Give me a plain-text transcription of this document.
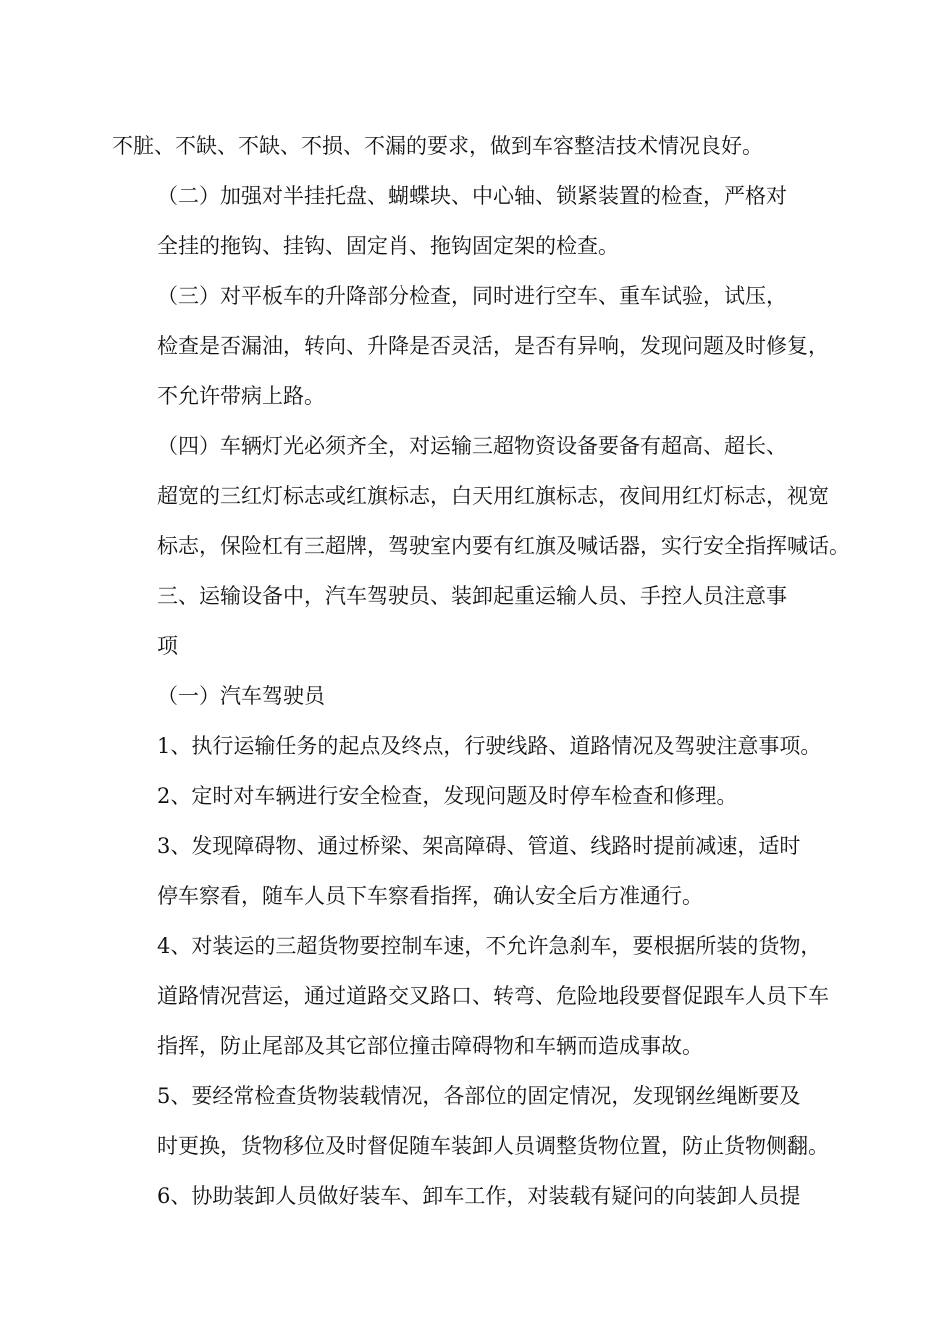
不脏、不缺、不缺、不损、不漏的要求，做到车容整洁技术情况良好。
（二）加强对半挂托盘、蝴蝶块、中心轴、锁紧装置的检查，严格对
全挂的拖钩、挂钩、固定肖、拖钩固定架的检查。
（三）对平板车的升降部分检查，同时进行空车、重车试验，试压，
检查是否漏油，转向、升降是否灵活，是否有异响，发现问题及时修复，
不允许带病上路。
（四）车辆灯光必须齐全，对运输三超物资设备要备有超高、超长、
超宽的三红灯标志或红旗标志，白天用红旗标志，夜间用红灯标志，视宽
标志，保险杠有三超牌，驾驶室内要有红旗及喊话器，实行安全指挥喊话。
三、运输设备中，汽车驾驶员、装卸起重运输人员、手控人员注意事
项
（一）汽车驾驶员
1、执行运输任务的起点及终点，行驶线路、道路情况及驾驶注意事项。
2、定时对车辆进行安全检查，发现问题及时停车检查和修理。
3、发现障碍物、通过桥梁、架高障碍、管道、线路时提前减速，适时
停车察看，随车人员下车察看指挥，确认安全后方准通行。
4、对装运的三超货物要控制车速，不允许急刹车，要根据所装的货物，
道路情况营运，通过道路交叉路口、转弯、危险地段要督促跟车人员下车
指挥，防止尾部及其它部位撞击障碍物和车辆而造成事故。
5、要经常检查货物装载情况，各部位的固定情况，发现钢丝绳断要及
时更换，货物移位及时督促随车装卸人员调整货物位置，防止货物侧翻。
6、协助装卸人员做好装车、卸车工作，对装载有疑问的向装卸人员提
